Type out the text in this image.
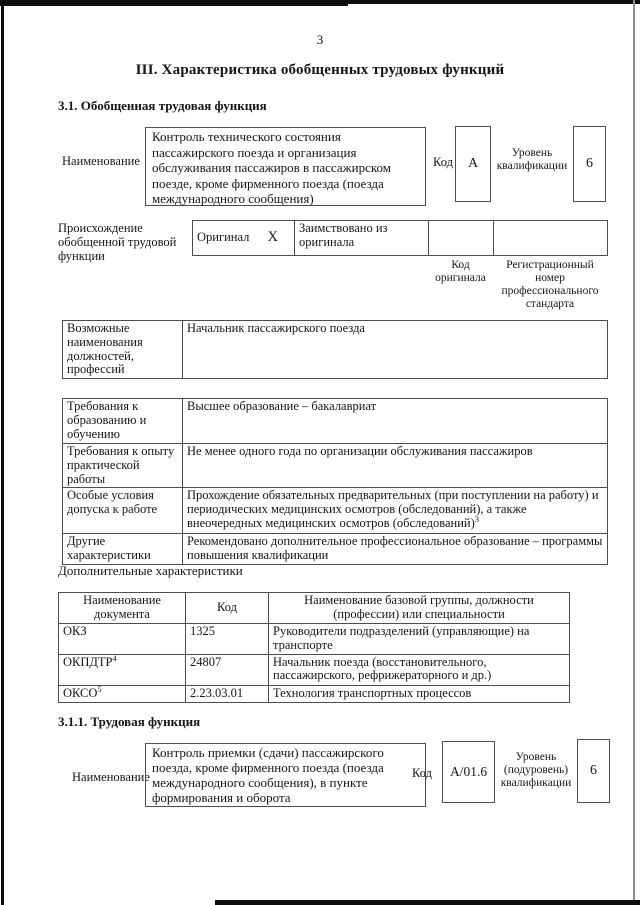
3
III. Характеристика обобщенных трудовых функций
3.1. Обобщенная трудовая функция
Наименование
Контроль технического состояния пассажирского поезда и организация обслуживания пассажиров в пассажирском поезде, кроме фирменного поезда (поезда международного сообщения)
Код	А
Уровень квалификации	6
Происхождение обобщенной трудовой функции
Оригинал X
	Заимствовано из оригинала		
Код оригинала
Регистрационный номер профессионального стандарта
Возможные наименования должностей, профессий	Начальник пассажирского поезда
Требования к образованию и обучению	Высшее образование – бакалавриат
Требования к опыту практической работы	Не менее одного года по организации обслуживания пассажиров
Особые условия допуска к работе	Прохождение обязательных предварительных (при поступлении на работу) и периодических медицинских осмотров (обследований), а также внеочередных медицинских осмотров (обследований)$^3$
Другие характеристики	Рекомендовано дополнительное профессиональное образование – программы повышения квалификации
Дополнительные характеристики
Наименование документа	Код	Наименование базовой группы, должности (профессии) или специальности
ОКЗ	1325	Руководители подразделений (управляющие) на транспорте
ОКПДТР$^4$	24807	Начальник поезда (восстановительного, пассажирского, рефрижераторного и др.)
ОКСО$^5$	2.23.03.01	Технология транспортных процессов
3.1.1. Трудовая функция
Наименование
Контроль приемки (сдачи) пассажирского поезда, кроме фирменного поезда (поезда международного сообщения), в пункте формирования и оборота
Код	А/01.6
Уровень (подуровень) квалификации
6
